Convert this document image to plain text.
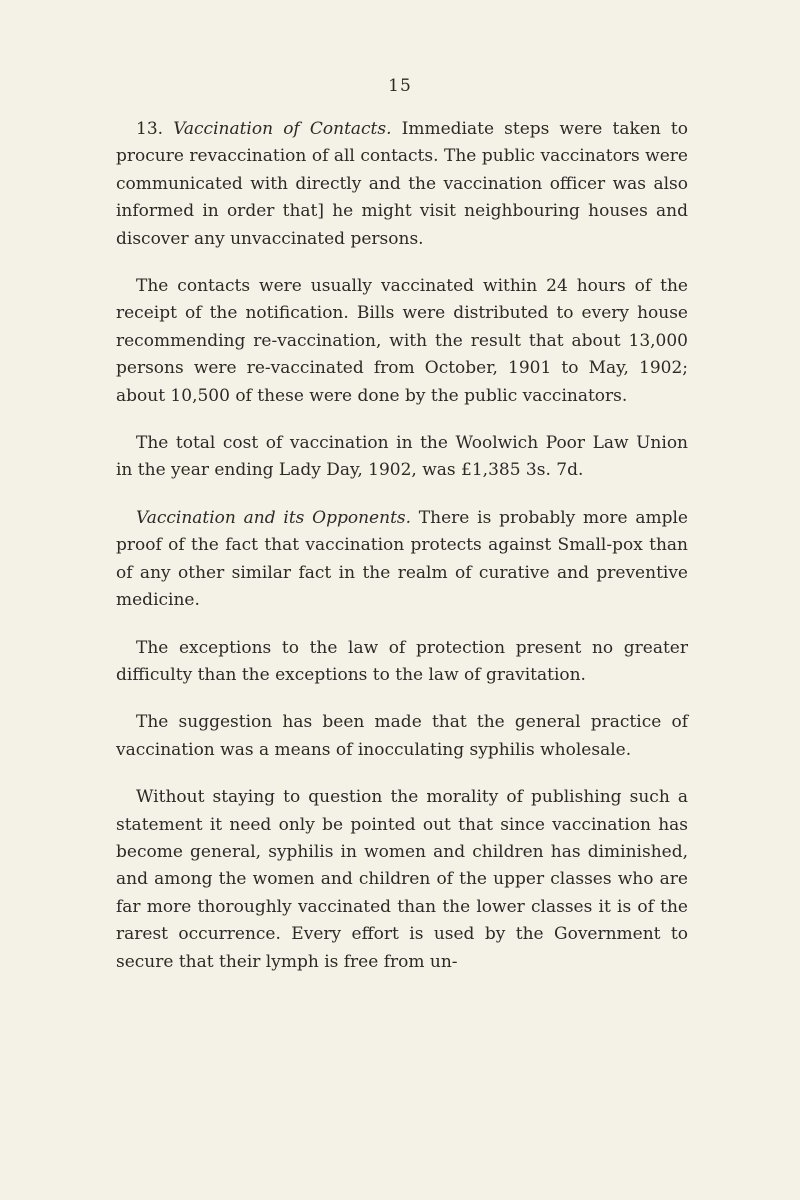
15

13. Vaccination of Contacts. Immediate steps were taken to procure revaccination of all contacts. The public vaccinators were communicated with directly and the vaccination officer was also informed in order that] he might visit neighbouring houses and discover any unvaccinated persons.

The contacts were usually vaccinated within 24 hours of the receipt of the notification. Bills were distributed to every house recommending re-vaccination, with the result that about 13,000 persons were re-vaccinated from October, 1901 to May, 1902; about 10,500 of these were done by the public vaccinators.

The total cost of vaccination in the Woolwich Poor Law Union in the year ending Lady Day, 1902, was £1,385 3s. 7d.

Vaccination and its Opponents. There is probably more ample proof of the fact that vaccination protects against Small-pox than of any other similar fact in the realm of curative and preventive medicine.

The exceptions to the law of protection present no greater difficulty than the exceptions to the law of gravitation.

The suggestion has been made that the general practice of vaccination was a means of inocculating syphilis wholesale.

Without staying to question the morality of publishing such a statement it need only be pointed out that since vaccination has become general, syphilis in women and children has diminished, and among the women and children of the upper classes who are far more thoroughly vaccinated than the lower classes it is of the rarest occurrence. Every effort is used by the Government to secure that their lymph is free from un-
